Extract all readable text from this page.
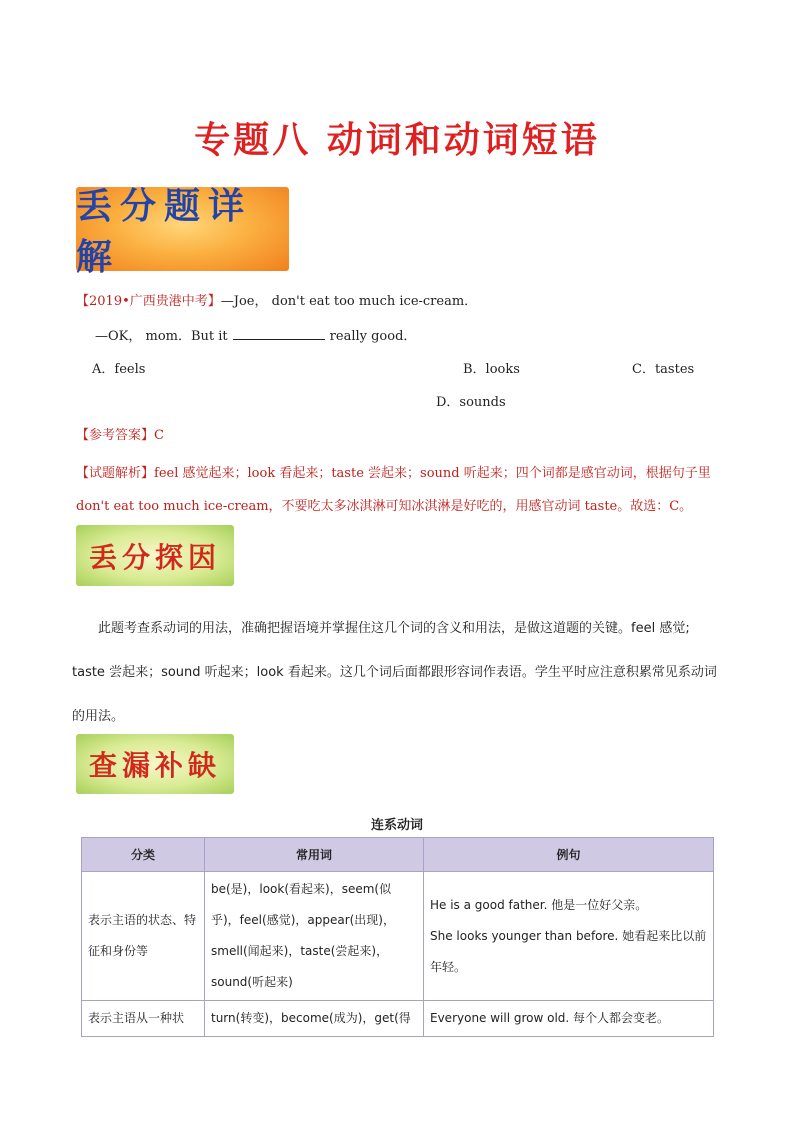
专题八 动词和动词短语
丢分题详解
【2019•广西贵港中考】—Joe， don't eat too much ice-cream．
—OK， mom．But it	really good．
A．feels	B．looks	C．tastes
D．sounds
【参考答案】C
【试题解析】feel 感觉起来；look 看起来；taste 尝起来；sound 听起来；四个词都是感官动词，根据句子里 don't eat too much ice-cream，不要吃太多冰淇淋可知冰淇淋是好吃的，用感官动词 taste。故选：C。
丢分探因
此题考查系动词的用法，准确把握语境并掌握住这几个词的含义和用法，是做这道题的关键。feel 感觉; taste 尝起来；sound 听起来；look 看起来。这几个词后面都跟形容词作表语。学生平时应注意积累常见系动词的用法。
查漏补缺
连系动词
分类	常用词	例句
表示主语的状态、特征和身份等	be(是)，look(看起来)，seem(似乎)，feel(感觉)，appear(出现)，smell(闻起来)，taste(尝起来)，sound(听起来)	He is a good father. 他是一位好父亲。
She looks younger than before. 她看起来比以前年轻。

表示主语从一种状	turn(转变)，become(成为)，get(得	Everyone will grow old. 每个人都会变老。
